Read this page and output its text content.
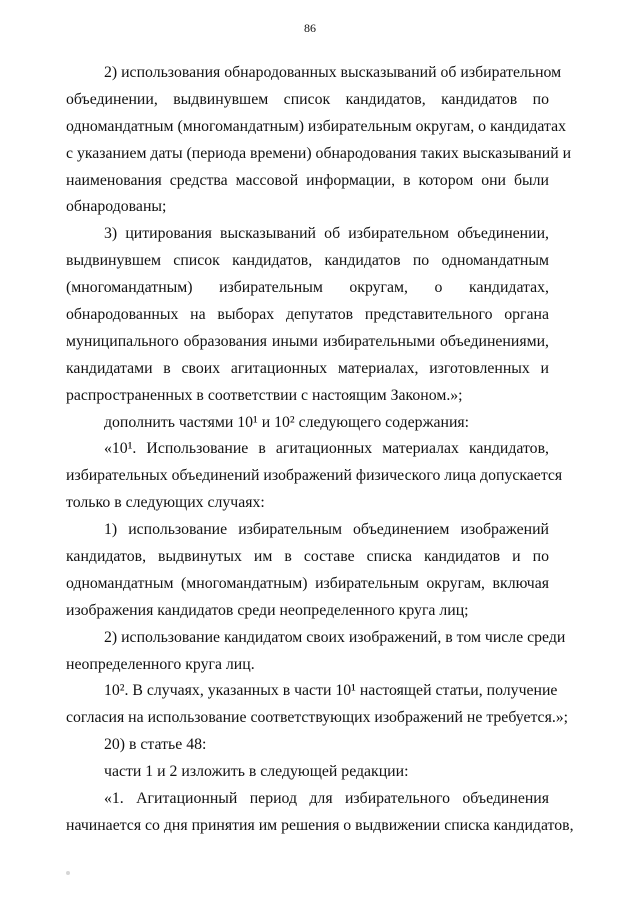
86
2) использования обнародованных высказываний об избирательном
объединении, выдвинувшем список кандидатов, кандидатов по
одномандатным (многомандатным) избирательным округам, о кандидатах
с указанием даты (периода времени) обнародования таких высказываний и
наименования средства массовой информации, в котором они были
обнародованы;
3) цитирования высказываний об избирательном объединении,
выдвинувшем список кандидатов, кандидатов по одномандатным
(многомандатным) избирательным округам, о кандидатах,
обнародованных на выборах депутатов представительного органа
муниципального образования иными избирательными объединениями,
кандидатами в своих агитационных материалах, изготовленных и
распространенных в соответствии с настоящим Законом.»;
дополнить частями 10¹ и 10² следующего содержания:
«10¹. Использование в агитационных материалах кандидатов,
избирательных объединений изображений физического лица допускается
только в следующих случаях:
1) использование избирательным объединением изображений
кандидатов, выдвинутых им в составе списка кандидатов и по
одномандатным (многомандатным) избирательным округам, включая
изображения кандидатов среди неопределенного круга лиц;
2) использование кандидатом своих изображений, в том числе среди
неопределенного круга лиц.
10². В случаях, указанных в части 10¹ настоящей статьи, получение
согласия на использование соответствующих изображений не требуется.»;
20) в статье 48:
части 1 и 2 изложить в следующей редакции:
«1. Агитационный период для избирательного объединения
начинается со дня принятия им решения о выдвижении списка кандидатов,
